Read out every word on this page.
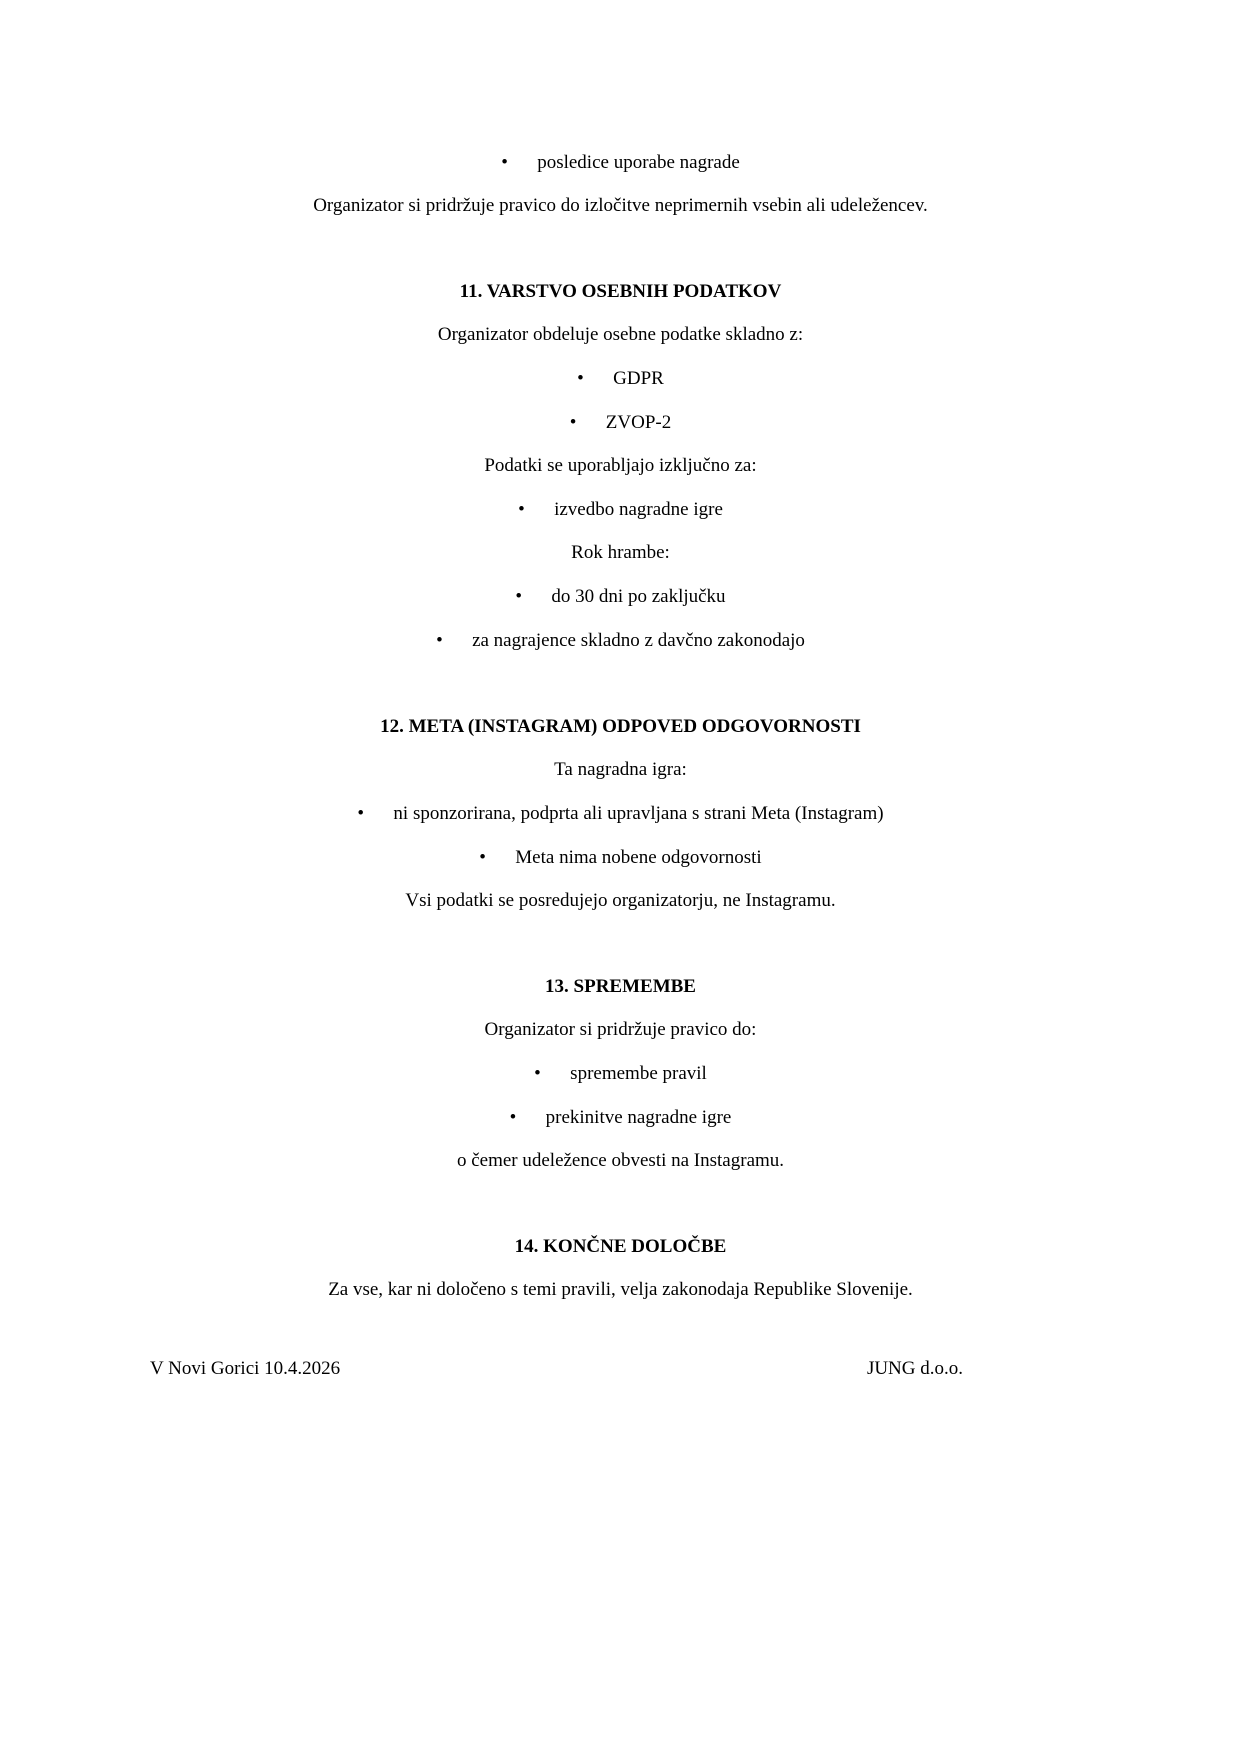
• posledice uporabe nagrade
Organizator si pridržuje pravico do izločitve neprimernih vsebin ali udeležencev.
11. VARSTVO OSEBNIH PODATKOV
Organizator obdeluje osebne podatke skladno z:
• GDPR
• ZVOP-2
Podatki se uporabljajo izključno za:
• izvedbo nagradne igre
Rok hrambe:
• do 30 dni po zaključku
• za nagrajence skladno z davčno zakonodajo
12. META (INSTAGRAM) ODPOVED ODGOVORNOSTI
Ta nagradna igra:
• ni sponzorirana, podprta ali upravljana s strani Meta (Instagram)
• Meta nima nobene odgovornosti
Vsi podatki se posredujejo organizatorju, ne Instagramu.
13. SPREMEMBE
Organizator si pridržuje pravico do:
• spremembe pravil
• prekinitve nagradne igre
o čemer udeležence obvesti na Instagramu.
14. KONČNE DOLOČBE
Za vse, kar ni določeno s temi pravili, velja zakonodaja Republike Slovenije.
V Novi Gorici 10.4.2026	JUNG d.o.o.
